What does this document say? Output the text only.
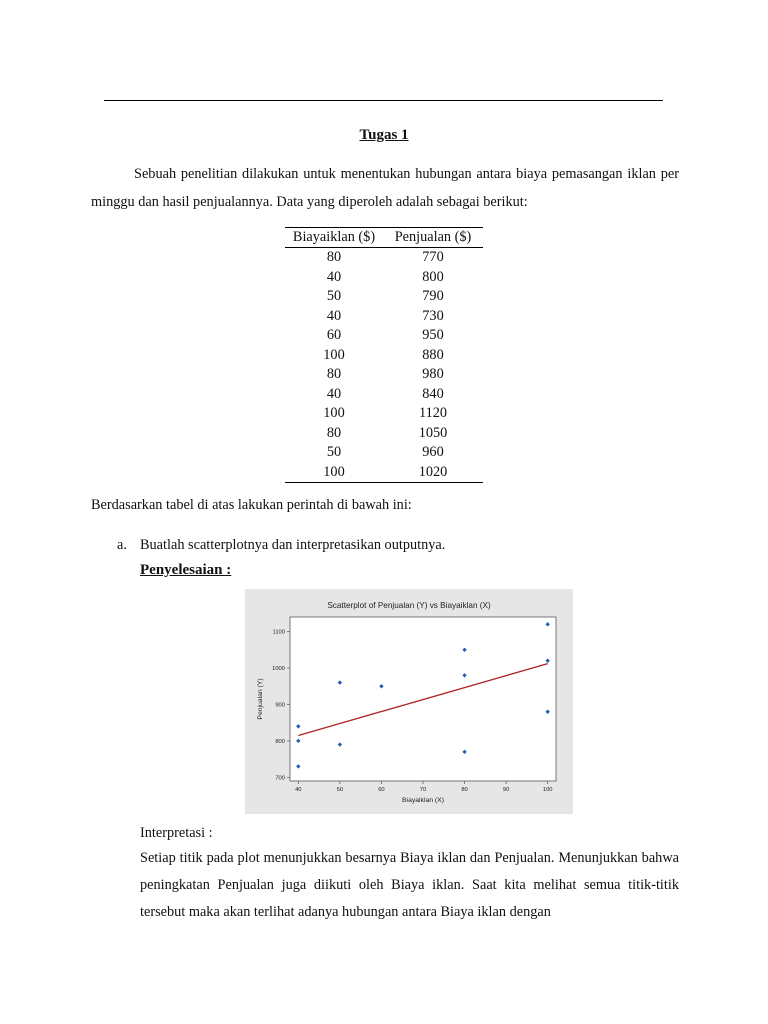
Tugas 1
Sebuah penelitian dilakukan untuk menentukan hubungan antara biaya pemasangan iklan per minggu dan hasil penjualannya. Data yang diperoleh adalah sebagai berikut:
Biayaiklan ($)	Penjualan ($)
80	770
40	800
50	790
40	730
60	950
100	880
80	980
40	840
100	1120
80	1050
50	960
100	1020
Berdasarkan tabel di atas lakukan perintah di bawah ini:
a. Buatlah scatterplotnya dan interpretasikan outputnya.
Penyelesaian :
Scatterplot of Penjualan (Y) vs Biayaiklan (X)
Biayaiklan (X)
Penjualan (Y)
40	50	60	70	80	90	100
700
800
900
1000
1100
Interpretasi :
Setiap titik pada plot menunjukkan besarnya Biaya iklan dan Penjualan. Menunjukkan bahwa peningkatan Penjualan juga diikuti oleh Biaya iklan. Saat kita melihat semua titik-titik tersebut maka akan terlihat adanya hubungan antara Biaya iklan dengan
